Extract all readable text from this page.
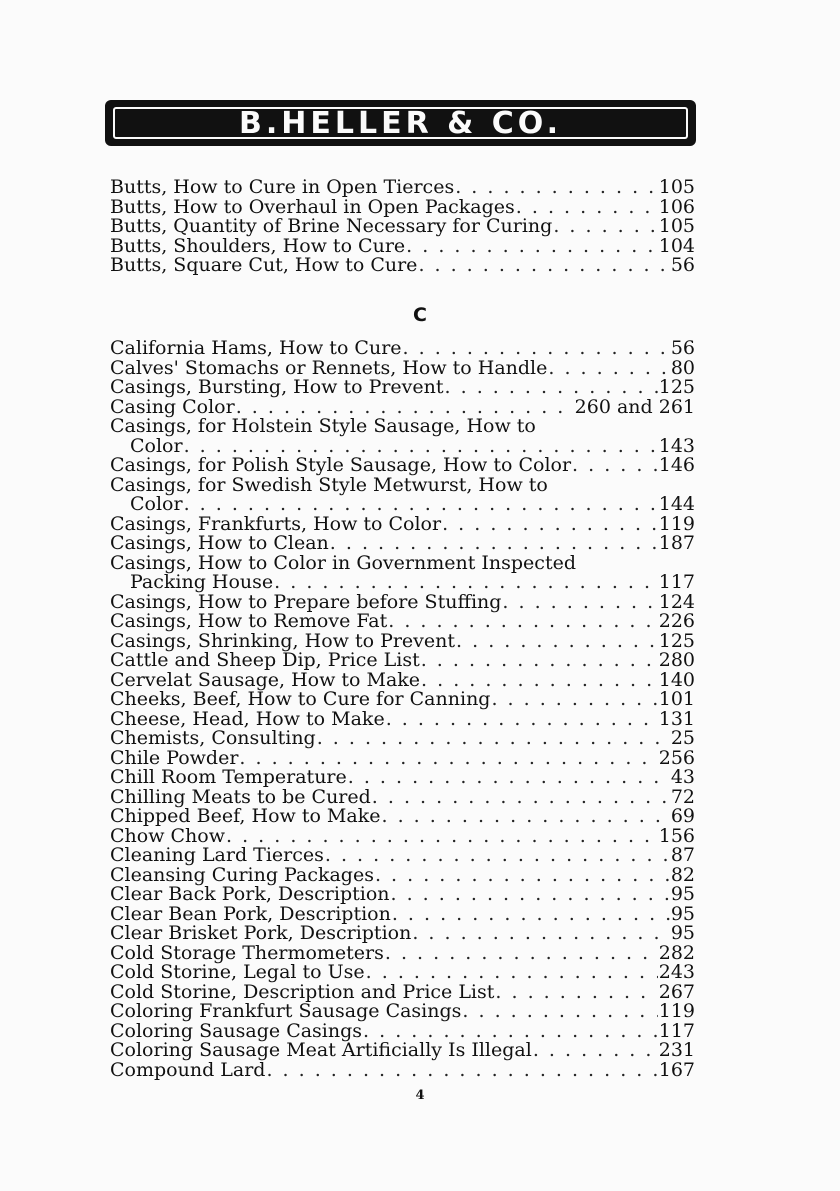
B.HELLER & CO.
Butts, How to Cure in Open Tierces . . .	105
Butts, How to Overhaul in Open Packages . . .	106
Butts, Quantity of Brine Necessary for Curing . . .	105
Butts, Shoulders, How to Cure . . .	104
Butts, Square Cut, How to Cure . . .	56
C
California Hams, How to Cure . . .	56
Calves' Stomachs or Rennets, How to Handle . . .	80
Casings, Bursting, How to Prevent . . .	125
Casing Color . . .	260 and 261
Casings, for Holstein Style Sausage, How to
Color . . .	143
Casings, for Polish Style Sausage, How to Color . . .	146
Casings, for Swedish Style Metwurst, How to
Color . . .	144
Casings, Frankfurts, How to Color . . .	119
Casings, How to Clean . . .	187
Casings, How to Color in Government Inspected
Packing House . . .	117
Casings, How to Prepare before Stuffing . . .	124
Casings, How to Remove Fat . . .	226
Casings, Shrinking, How to Prevent . . .	125
Cattle and Sheep Dip, Price List . . .	280
Cervelat Sausage, How to Make . . .	140
Cheeks, Beef, How to Cure for Canning . . .	101
Cheese, Head, How to Make . . .	131
Chemists, Consulting . . .	25
Chile Powder . . .	256
Chill Room Temperature . . .	43
Chilling Meats to be Cured . . .	72
Chipped Beef, How to Make . . .	69
Chow Chow . . .	156
Cleaning Lard Tierces . . .	87
Cleansing Curing Packages . . .	82
Clear Back Pork, Description . . .	95
Clear Bean Pork, Description . . .	95
Clear Brisket Pork, Description . . .	95
Cold Storage Thermometers . . .	282
Cold Storine, Legal to Use . . .	243
Cold Storine, Description and Price List . . .	267
Coloring Frankfurt Sausage Casings . . .	119
Coloring Sausage Casings . . .	117
Coloring Sausage Meat Artificially Is Illegal . . .	231
Compound Lard . . .	167
4
